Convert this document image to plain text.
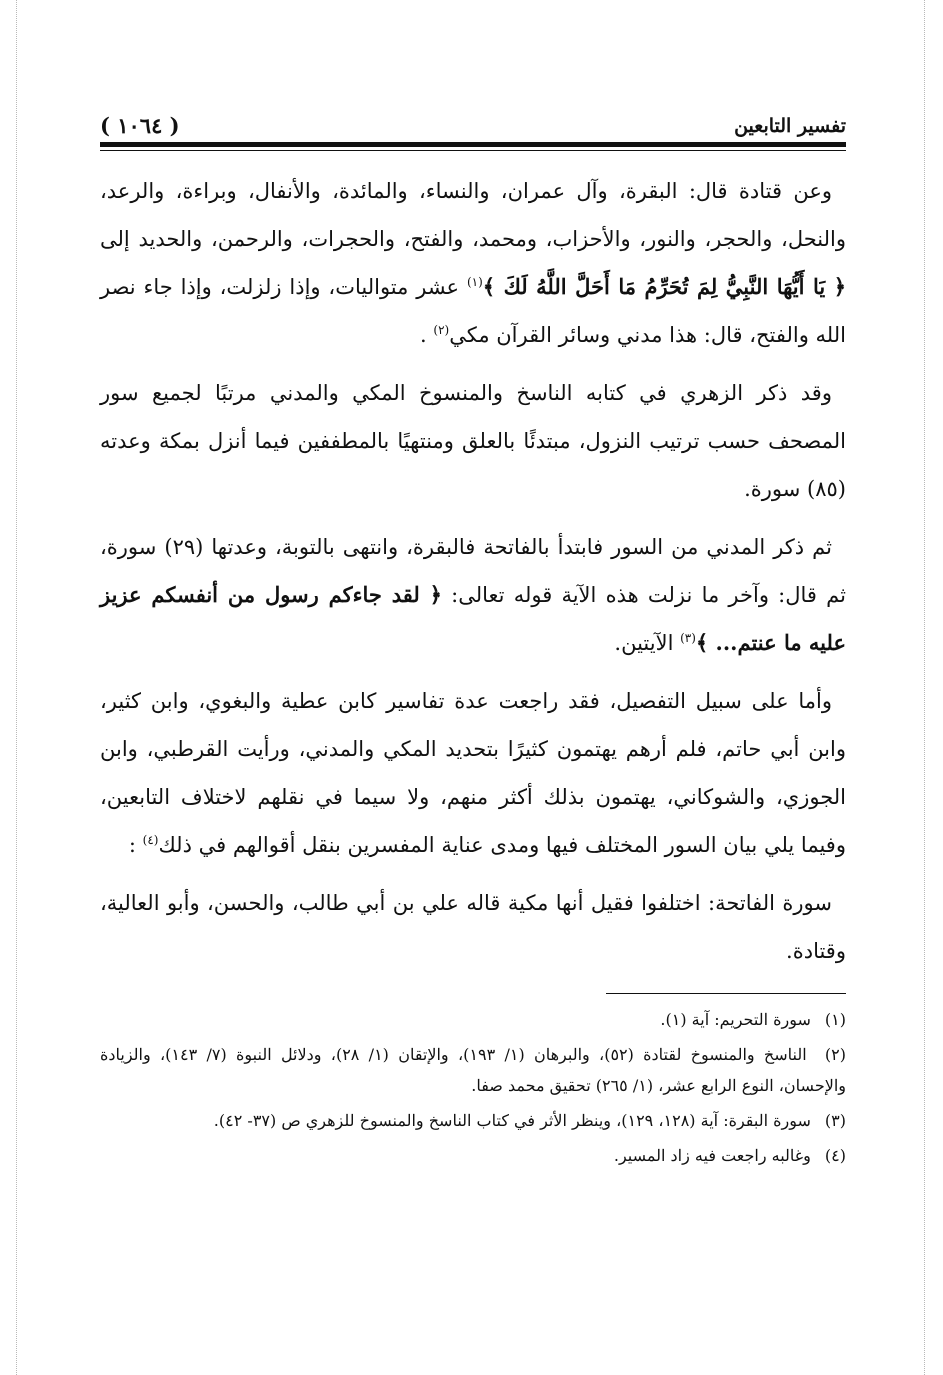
تفسير التابعين
( ١٠٦٤ )

وعن قتادة قال: البقرة، وآل عمران، والنساء، والمائدة، والأنفال، وبراءة، والرعد، والنحل، والحجر، والنور، والأحزاب، ومحمد، والفتح، والحجرات، والرحمن، والحديد إلى ﴿ يَا أَيُّهَا النَّبِيُّ لِمَ تُحَرِّمُ مَا أَحَلَّ اللَّهُ لَكَ ﴾$^{(١)}$ عشر متواليات، وإذا زلزلت، وإذا جاء نصر الله والفتح، قال: هذا مدني وسائر القرآن مكي$^{(٢)}$ .

وقد ذكر الزهري في كتابه الناسخ والمنسوخ المكي والمدني مرتبًا لجميع سور المصحف حسب ترتيب النزول، مبتدئًا بالعلق ومنتهيًا بالمطففين فيما أنزل بمكة وعدته (٨٥) سورة.

ثم ذكر المدني من السور فابتدأ بالفاتحة فالبقرة، وانتهى بالتوبة، وعدتها (٢٩) سورة، ثم قال: وآخر ما نزلت هذه الآية قوله تعالى: ﴿ لقد جاءكم رسول من أنفسكم عزيز عليه ما عنتم... ﴾$^{(٣)}$ الآيتين.

وأما على سبيل التفصيل، فقد راجعت عدة تفاسير كابن عطية والبغوي، وابن كثير، وابن أبي حاتم، فلم أرهم يهتمون كثيرًا بتحديد المكي والمدني، ورأيت القرطبي، وابن الجوزي، والشوكاني، يهتمون بذلك أكثر منهم، ولا سيما في نقلهم لاختلاف التابعين، وفيما يلي بيان السور المختلف فيها ومدى عناية المفسرين بنقل أقوالهم في ذلك$^{(٤)}$ :

سورة الفاتحة: اختلفوا فقيل أنها مكية قاله علي بن أبي طالب، والحسن، وأبو العالية، وقتادة.

(١) سورة التحريم: آية (١).

(٢) الناسخ والمنسوخ لقتادة (٥٢)، والبرهان (١/ ١٩٣)، والإتقان (١/ ٢٨)، ودلائل النبوة (٧/ ١٤٣)، والزيادة والإحسان، النوع الرابع عشر، (١/ ٢٦٥) تحقيق محمد صفا.

(٣) سورة البقرة: آية (١٢٨، ١٢٩)، وينظر الأثر في كتاب الناسخ والمنسوخ للزهري ص (٣٧- ٤٢).

(٤) وغالبه راجعت فيه زاد المسير.
